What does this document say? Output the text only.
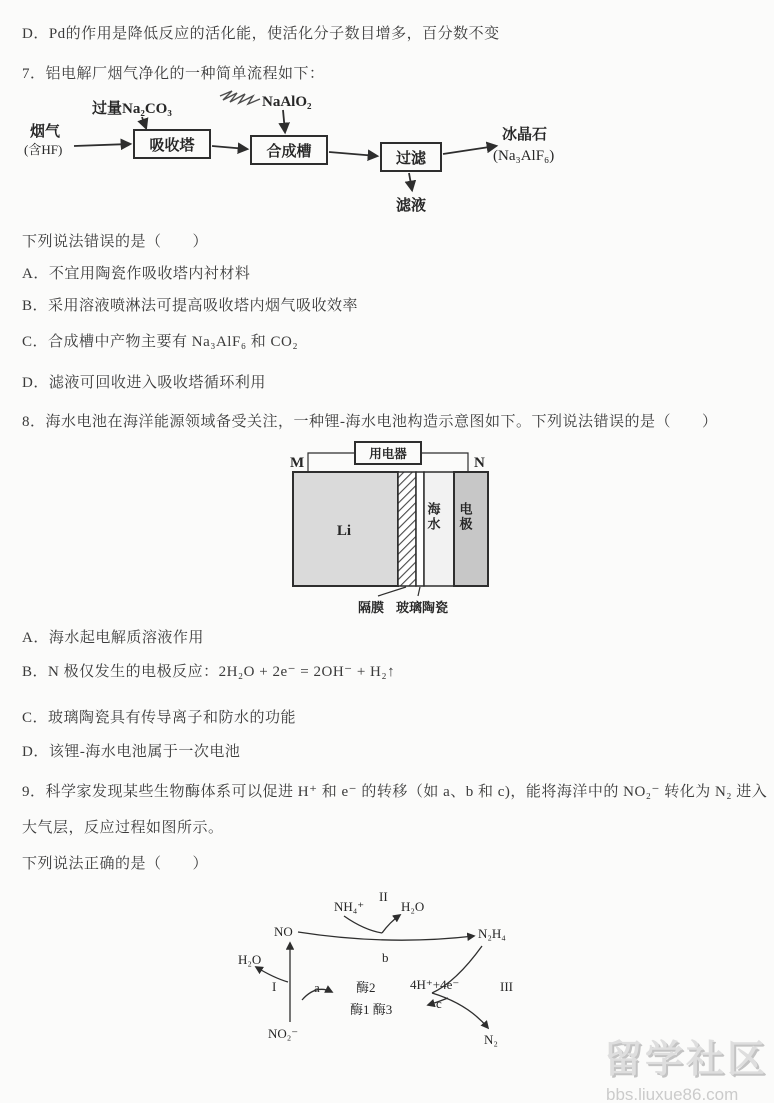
D．Pd的作用是降低反应的活化能，使活化分子数目增多，百分数不变

7．铝电解厂烟气净化的一种简单流程如下：

烟气
(含HF)
过量Na₂CO₃
吸收塔
NaAlO₂
合成槽	过滤
冰晶石
(Na₃AlF₆)
滤液

下列说法错误的是（　　）

A．不宜用陶瓷作吸收塔内衬材料

B．采用溶液喷淋法可提高吸收塔内烟气吸收效率

C．合成槽中产物主要有 Na₃AlF₆ 和 CO₂

D．滤液可回收进入吸收塔循环利用

8．海水电池在海洋能源领域备受关注，一种锂-海水电池构造示意图如下。下列说法错误的是（　　）

用电器
M	N
Li	海水 电极
隔膜 玻璃陶瓷

A．海水起电解质溶液作用

B．N 极仅发生的电极反应：2H₂O + 2e⁻ = 2OH⁻ + H₂↑

C．玻璃陶瓷具有传导离子和防水的功能

D．该锂-海水电池属于一次电池

9．科学家发现某些生物酶体系可以促进 H⁺ 和 e⁻ 的转移（如 a、b 和 c)，能将海洋中的 NO₂⁻ 转化为 N₂ 进入

大气层，反应过程如图所示。

下列说法正确的是（　　）

NH₄⁺
II
H₂O
NO	N₂H₄
b
H₂O
I	a	酶2	4H⁺+4e⁻	III
酶1 酶3	c
NO₂⁻	N₂	留学社区

bbs.liuxue86.com
